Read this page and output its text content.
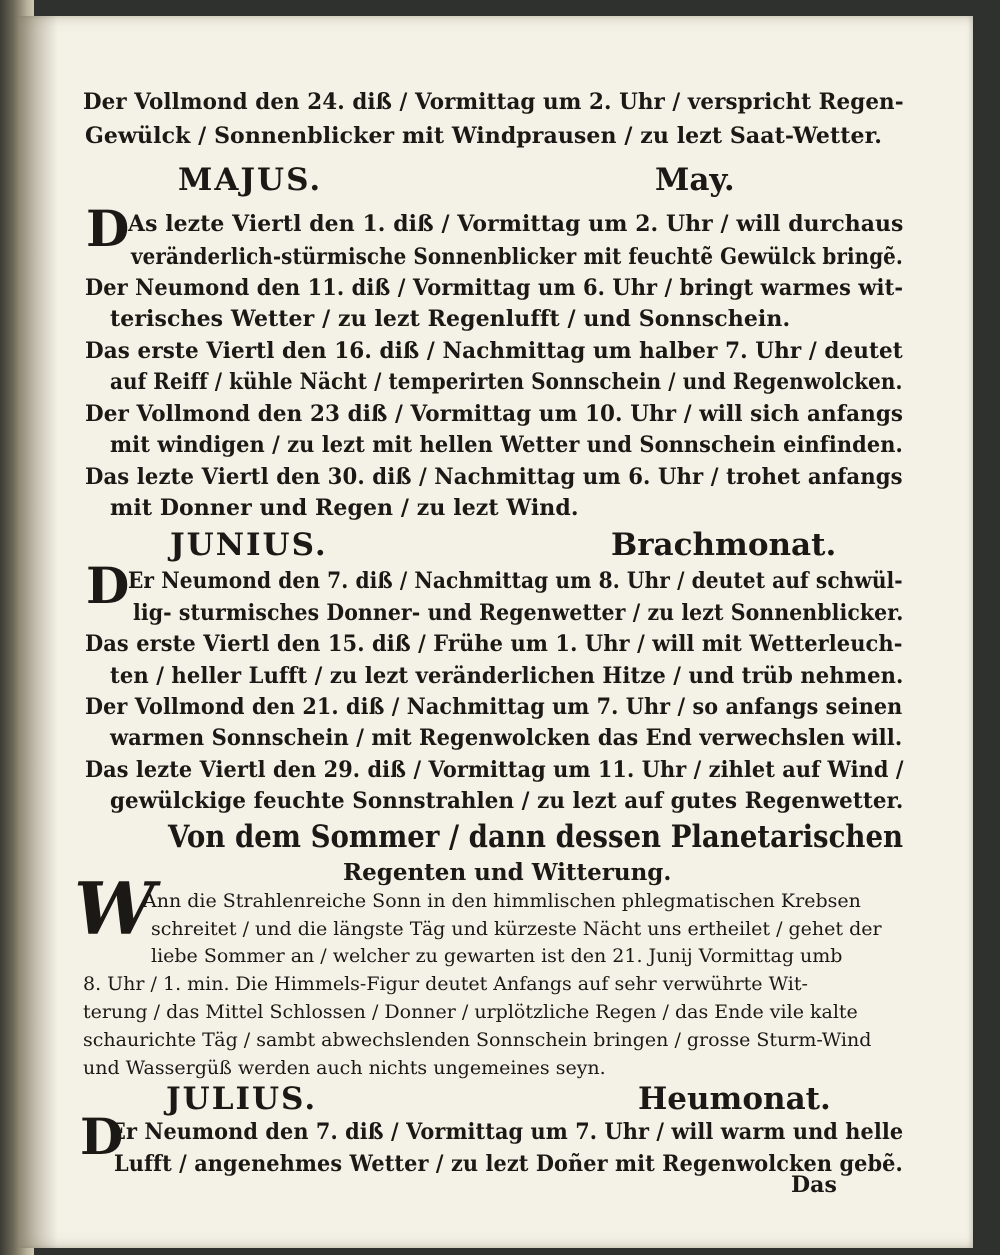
Der Vollmond den 24. diß / Vormittag um 2. Uhr / verspricht Regen-
Gewülck / Sonnenblicker mit Windprausen / zu lezt Saat-Wetter.
MAJUS.	May.
D
As lezte Viertl den 1. diß / Vormittag um 2. Uhr / will durchaus
veränderlich-stürmische Sonnenblicker mit feuchtẽ Gewülck bringẽ.
Der Neumond den 11. diß / Vormittag um 6. Uhr / bringt warmes wit-
terisches Wetter / zu lezt Regenlufft / und Sonnschein.
Das erste Viertl den 16. diß / Nachmittag um halber 7. Uhr / deutet
auf Reiff / kühle Nächt / temperirten Sonnschein / und Regenwolcken.
Der Vollmond den 23 diß / Vormittag um 10. Uhr / will sich anfangs
mit windigen / zu lezt mit hellen Wetter und Sonnschein einfinden.
Das lezte Viertl den 30. diß / Nachmittag um 6. Uhr / trohet anfangs
mit Donner und Regen / zu lezt Wind.
JUNIUS.	Brachmonat.
D
Er Neumond den 7. diß / Nachmittag um 8. Uhr / deutet auf schwül-
lig- sturmisches Donner- und Regenwetter / zu lezt Sonnenblicker.
Das erste Viertl den 15. diß / Frühe um 1. Uhr / will mit Wetterleuch-
ten / heller Lufft / zu lezt veränderlichen Hitze / und trüb nehmen.
Der Vollmond den 21. diß / Nachmittag um 7. Uhr / so anfangs seinen
warmen Sonnschein / mit Regenwolcken das End verwechslen will.
Das lezte Viertl den 29. diß / Vormittag um 11. Uhr / zihlet auf Wind /
gewülckige feuchte Sonnstrahlen / zu lezt auf gutes Regenwetter.
Von dem Sommer / dann dessen Planetarischen
Regenten und Witterung.
W
Ann die Strahlenreiche Sonn in den himmlischen phlegmatischen Krebsen
schreitet / und die längste Täg und kürzeste Nächt uns ertheilet / gehet der
liebe Sommer an / welcher zu gewarten ist den 21. Junij Vormittag umb
8. Uhr / 1. min. Die Himmels-Figur deutet Anfangs auf sehr verwührte Wit-
terung / das Mittel Schlossen / Donner / urplötzliche Regen / das Ende vile kalte
schaurichte Täg / sambt abwechslenden Sonnschein bringen / grosse Sturm-Wind
und Wassergüß werden auch nichts ungemeines seyn.
JULIUS.	Heumonat.
D
Er Neumond den 7. diß / Vormittag um 7. Uhr / will warm und helle
Lufft / angenehmes Wetter / zu lezt Doñer mit Regenwolcken gebẽ.
Das
